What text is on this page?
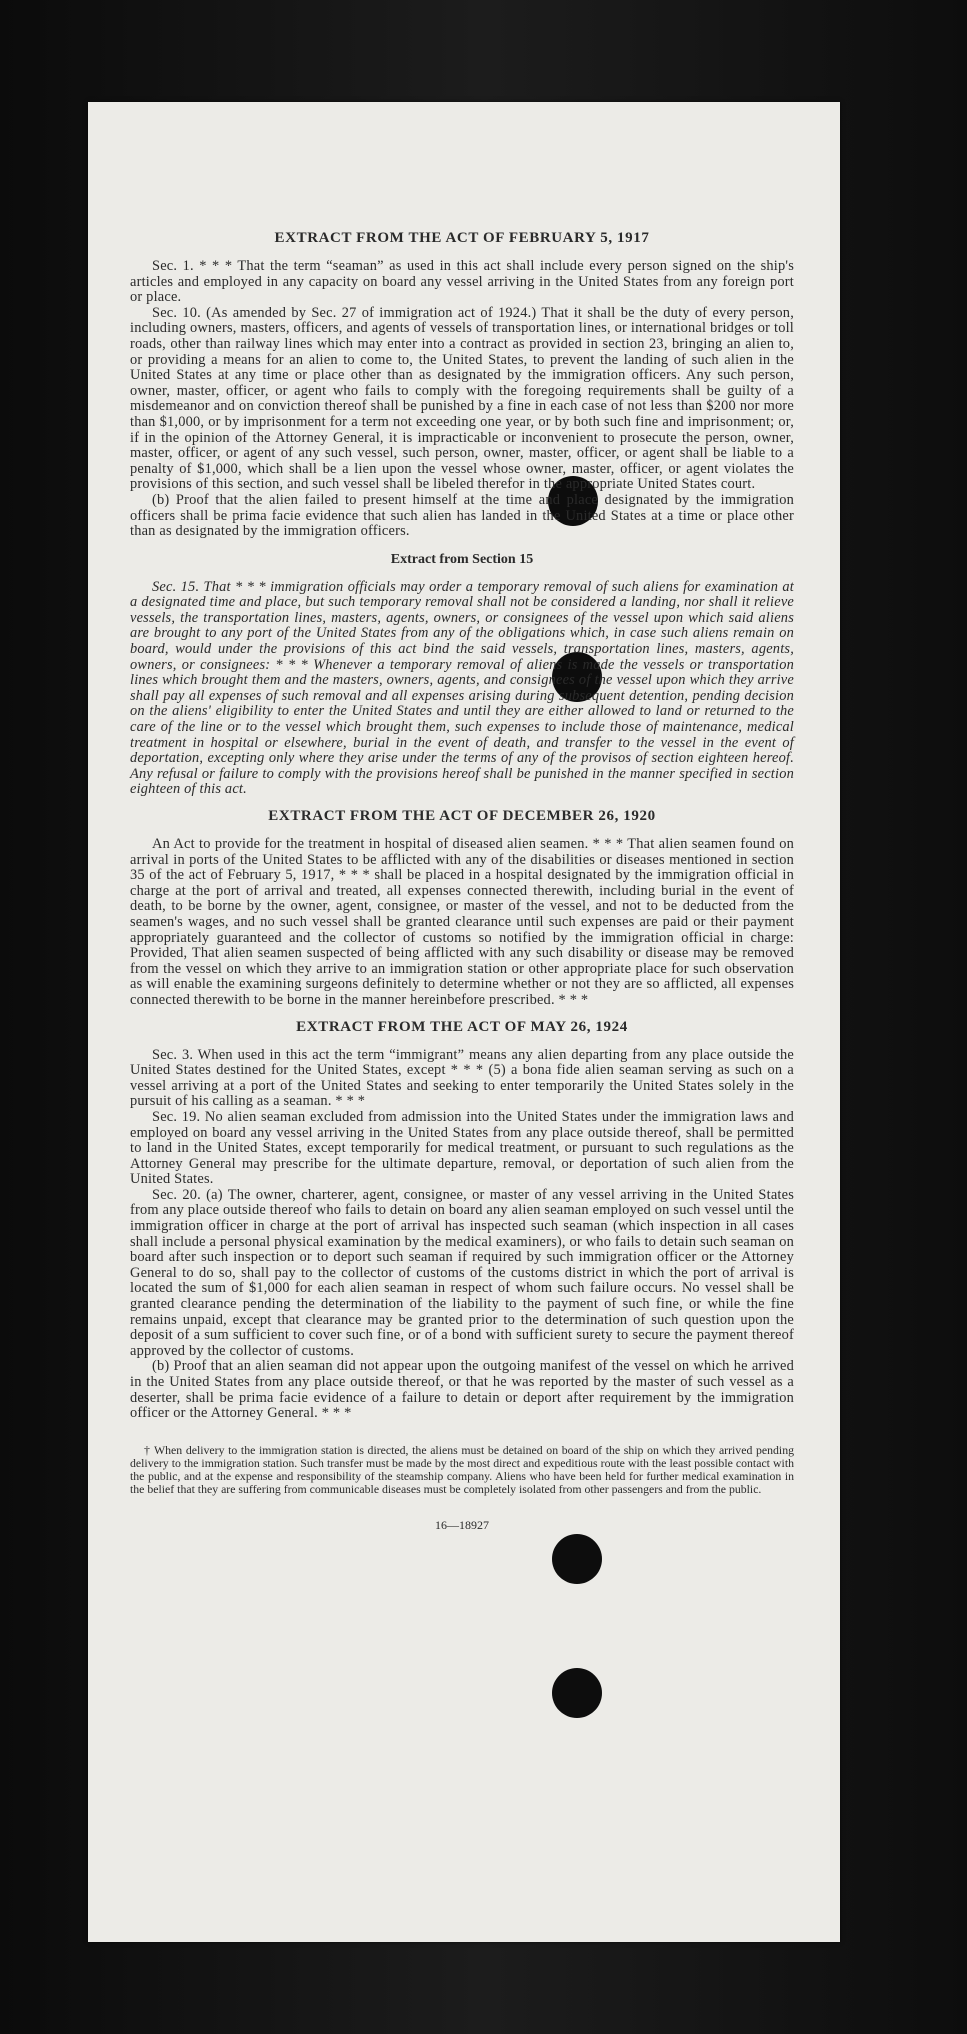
EXTRACT FROM THE ACT OF FEBRUARY 5, 1917

Sec. 1. * * * That the term “seaman” as used in this act shall include every person signed on the ship's articles and employed in any capacity on board any vessel arriving in the United States from any foreign port or place.

Sec. 10. (As amended by Sec. 27 of immigration act of 1924.) That it shall be the duty of every person, including owners, masters, officers, and agents of vessels of transportation lines, or international bridges or toll roads, other than railway lines which may enter into a contract as provided in section 23, bringing an alien to, or providing a means for an alien to come to, the United States, to prevent the landing of such alien in the United States at any time or place other than as designated by the immigration officers. Any such person, owner, master, officer, or agent who fails to comply with the foregoing requirements shall be guilty of a misdemeanor and on conviction thereof shall be punished by a fine in each case of not less than $200 nor more than $1,000, or by imprisonment for a term not exceeding one year, or by both such fine and imprisonment; or, if in the opinion of the Attorney General, it is impracticable or inconvenient to prosecute the person, owner, master, officer, or agent of any such vessel, such person, owner, master, officer, or agent shall be liable to a penalty of $1,000, which shall be a lien upon the vessel whose owner, master, officer, or agent violates the provisions of this section, and such vessel shall be libeled therefor in the appropriate United States court.

(b) Proof that the alien failed to present himself at the time and place designated by the immigration officers shall be prima facie evidence that such alien has landed in the United States at a time or place other than as designated by the immigration officers.

Extract from Section 15

Sec. 15. That * * * immigration officials may order a temporary removal of such aliens for examination at a designated time and place, but such temporary removal shall not be considered a landing, nor shall it relieve vessels, the transportation lines, masters, agents, owners, or consignees of the vessel upon which said aliens are brought to any port of the United States from any of the obligations which, in case such aliens remain on board, would under the provisions of this act bind the said vessels, transportation lines, masters, agents, owners, or consignees: * * * Whenever a temporary removal of aliens is made the vessels or transportation lines which brought them and the masters, owners, agents, and consignees of the vessel upon which they arrive shall pay all expenses of such removal and all expenses arising during subsequent detention, pending decision on the aliens' eligibility to enter the United States and until they are either allowed to land or returned to the care of the line or to the vessel which brought them, such expenses to include those of maintenance, medical treatment in hospital or elsewhere, burial in the event of death, and transfer to the vessel in the event of deportation, excepting only where they arise under the terms of any of the provisos of section eighteen hereof. Any refusal or failure to comply with the provisions hereof shall be punished in the manner specified in section eighteen of this act.

EXTRACT FROM THE ACT OF DECEMBER 26, 1920

An Act to provide for the treatment in hospital of diseased alien seamen. * * * That alien seamen found on arrival in ports of the United States to be afflicted with any of the disabilities or diseases mentioned in section 35 of the act of February 5, 1917, * * * shall be placed in a hospital designated by the immigration official in charge at the port of arrival and treated, all expenses connected therewith, including burial in the event of death, to be borne by the owner, agent, consignee, or master of the vessel, and not to be deducted from the seamen's wages, and no such vessel shall be granted clearance until such expenses are paid or their payment appropriately guaranteed and the collector of customs so notified by the immigration official in charge: Provided, That alien seamen suspected of being afflicted with any such disability or disease may be removed from the vessel on which they arrive to an immigration station or other appropriate place for such observation as will enable the examining surgeons definitely to determine whether or not they are so afflicted, all expenses connected therewith to be borne in the manner hereinbefore prescribed. * * *

EXTRACT FROM THE ACT OF MAY 26, 1924

Sec. 3. When used in this act the term “immigrant” means any alien departing from any place outside the United States destined for the United States, except * * * (5) a bona fide alien seaman serving as such on a vessel arriving at a port of the United States and seeking to enter temporarily the United States solely in the pursuit of his calling as a seaman. * * *

Sec. 19. No alien seaman excluded from admission into the United States under the immigration laws and employed on board any vessel arriving in the United States from any place outside thereof, shall be permitted to land in the United States, except temporarily for medical treatment, or pursuant to such regulations as the Attorney General may prescribe for the ultimate departure, removal, or deportation of such alien from the United States.

Sec. 20. (a) The owner, charterer, agent, consignee, or master of any vessel arriving in the United States from any place outside thereof who fails to detain on board any alien seaman employed on such vessel until the immigration officer in charge at the port of arrival has inspected such seaman (which inspection in all cases shall include a personal physical examination by the medical examiners), or who fails to detain such seaman on board after such inspection or to deport such seaman if required by such immigration officer or the Attorney General to do so, shall pay to the collector of customs of the customs district in which the port of arrival is located the sum of $1,000 for each alien seaman in respect of whom such failure occurs. No vessel shall be granted clearance pending the determination of the liability to the payment of such fine, or while the fine remains unpaid, except that clearance may be granted prior to the determination of such question upon the deposit of a sum sufficient to cover such fine, or of a bond with sufficient surety to secure the payment thereof approved by the collector of customs.

(b) Proof that an alien seaman did not appear upon the outgoing manifest of the vessel on which he arrived in the United States from any place outside thereof, or that he was reported by the master of such vessel as a deserter, shall be prima facie evidence of a failure to detain or deport after requirement by the immigration officer or the Attorney General. * * *

† When delivery to the immigration station is directed, the aliens must be detained on board of the ship on which they arrived pending delivery to the immigration station. Such transfer must be made by the most direct and expeditious route with the least possible contact with the public, and at the expense and responsibility of the steamship company. Aliens who have been held for further medical examination in the belief that they are suffering from communicable diseases must be completely isolated from other passengers and from the public.

16—18927
